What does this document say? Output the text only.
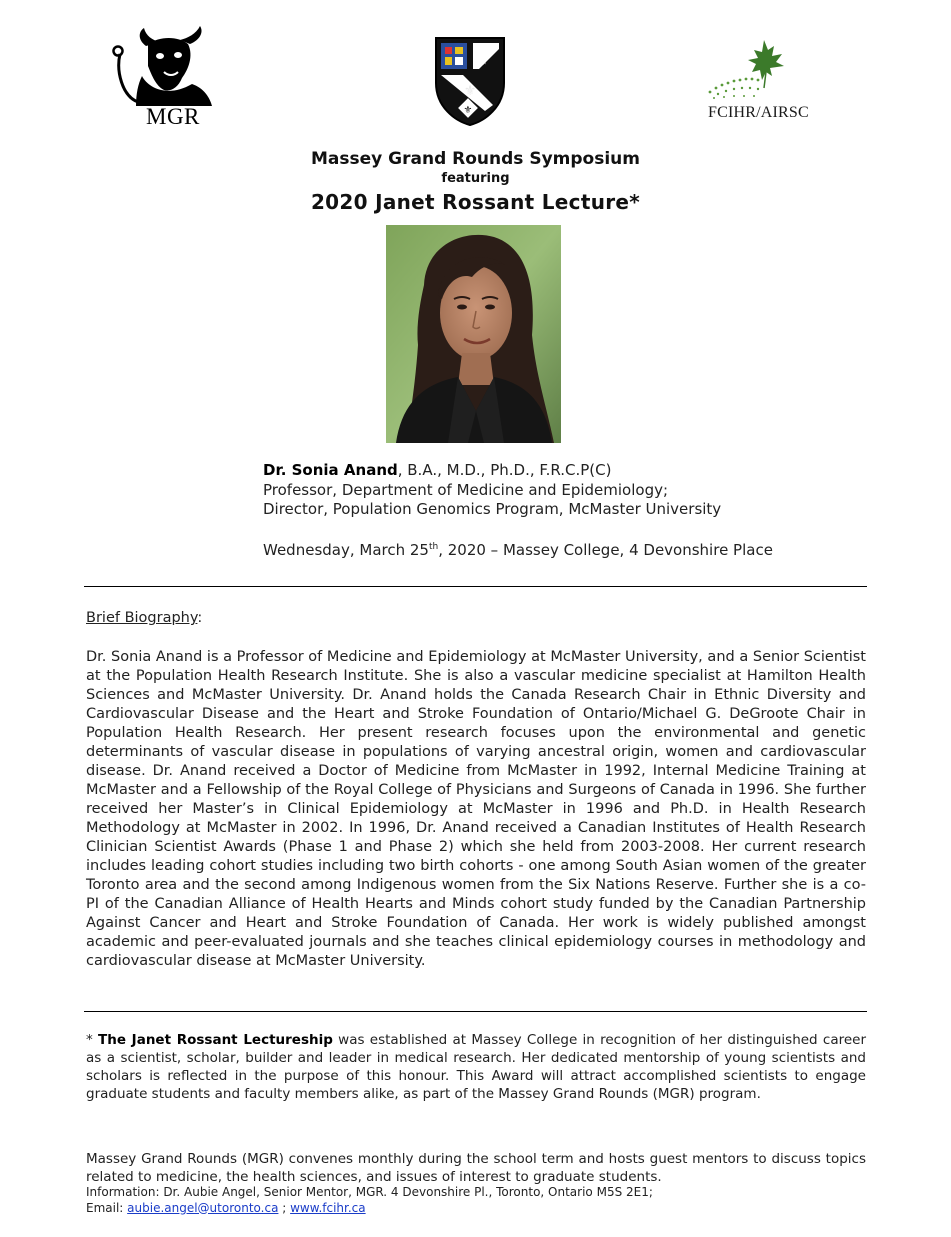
MGR
⚜
⚜
⚜	FCIHR/AIRSC
Massey Grand Rounds Symposium
featuring
2020 Janet Rossant Lecture*
Dr. Sonia Anand, B.A., M.D., Ph.D., F.R.C.P(C)
Professor, Department of Medicine and Epidemiology;
Director, Population Genomics Program, McMaster University
Wednesday, March 25th, 2020 – Massey College, 4 Devonshire Place
Brief Biography:

Dr. Sonia Anand is a Professor of Medicine and Epidemiology at McMaster University, and a Senior Scientist at the Population Health Research Institute. She is also a vascular medicine specialist at Hamilton Health Sciences and McMaster University. Dr. Anand holds the Canada Research Chair in Ethnic Diversity and Cardiovascular Disease and the Heart and Stroke Foundation of Ontario/Michael G. DeGroote Chair in Population Health Research. Her present research focuses upon the environmental and genetic determinants of vascular disease in populations of varying ancestral origin, women and cardiovascular disease. Dr. Anand received a Doctor of Medicine from McMaster in 1992, Internal Medicine Training at McMaster and a Fellowship of the Royal College of Physicians and Surgeons of Canada in 1996. She further received her Master’s in Clinical Epidemiology at McMaster in 1996 and Ph.D. in Health Research Methodology at McMaster in 2002. In 1996, Dr. Anand received a Canadian Institutes of Health Research Clinician Scientist Awards (Phase 1 and Phase 2) which she held from 2003-2008. Her current research includes leading cohort studies including two birth cohorts - one among South Asian women of the greater Toronto area and the second among Indigenous women from the Six Nations Reserve. Further she is a co-PI of the Canadian Alliance of Health Hearts and Minds cohort study funded by the Canadian Partnership Against Cancer and Heart and Stroke Foundation of Canada. Her work is widely published amongst academic and peer-evaluated journals and she teaches clinical epidemiology courses in methodology and cardiovascular disease at McMaster University.

* The Janet Rossant Lectureship was established at Massey College in recognition of her distinguished career as a scientist, scholar, builder and leader in medical research. Her dedicated mentorship of young scientists and scholars is reflected in the purpose of this honour. This Award will attract accomplished scientists to engage graduate students and faculty members alike, as part of the Massey Grand Rounds (MGR) program.

Massey Grand Rounds (MGR) convenes monthly during the school term and hosts guest mentors to discuss topics related to medicine, the health sciences, and issues of interest to graduate students.

Information: Dr. Aubie Angel, Senior Mentor, MGR. 4 Devonshire Pl., Toronto, Ontario M5S 2E1;
Email: aubie.angel@utoronto.ca ; www.fcihr.ca
